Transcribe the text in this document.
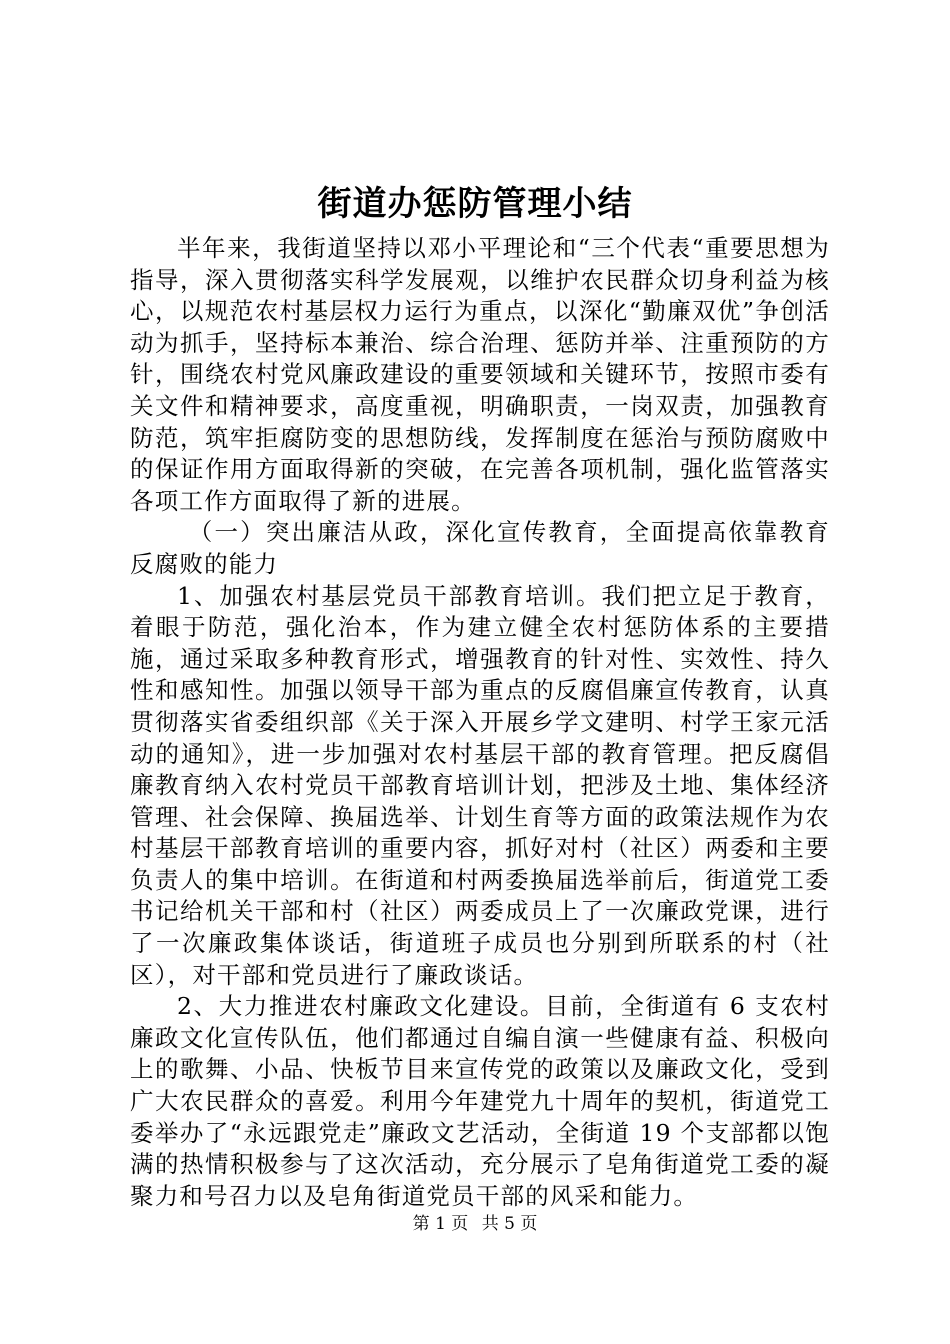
街道办惩防管理小结

半年来，我街道坚持以邓小平理论和“三个代表“重要思想为指导，深入贯彻落实科学发展观，以维护农民群众切身利益为核心，以规范农村基层权力运行为重点，以深化“勤廉双优”争创活动为抓手，坚持标本兼治、综合治理、惩防并举、注重预防的方针，围绕农村党风廉政建设的重要领域和关键环节，按照市委有关文件和精神要求，高度重视，明确职责，一岗双责，加强教育防范，筑牢拒腐防变的思想防线，发挥制度在惩治与预防腐败中的保证作用方面取得新的突破，在完善各项机制，强化监管落实各项工作方面取得了新的进展。

（一）突出廉洁从政，深化宣传教育，全面提高依靠教育反腐败的能力

1、加强农村基层党员干部教育培训。我们把立足于教育，着眼于防范，强化治本，作为建立健全农村惩防体系的主要措施，通过采取多种教育形式，增强教育的针对性、实效性、持久性和感知性。加强以领导干部为重点的反腐倡廉宣传教育，认真贯彻落实省委组织部《关于深入开展乡学文建明、村学王家元活动的通知》，进一步加强对农村基层干部的教育管理。把反腐倡廉教育纳入农村党员干部教育培训计划，把涉及土地、集体经济管理、社会保障、换届选举、计划生育等方面的政策法规作为农村基层干部教育培训的重要内容，抓好对村（社区）两委和主要负责人的集中培训。在街道和村两委换届选举前后，街道党工委书记给机关干部和村（社区）两委成员上了一次廉政党课，进行了一次廉政集体谈话，街道班子成员也分别到所联系的村（社区），对干部和党员进行了廉政谈话。

2、大力推进农村廉政文化建设。目前，全街道有 6 支农村廉政文化宣传队伍，他们都通过自编自演一些健康有益、积极向上的歌舞、小品、快板节目来宣传党的政策以及廉政文化，受到广大农民群众的喜爱。利用今年建党九十周年的契机，街道党工委举办了“永远跟党走”廉政文艺活动，全街道 19 个支部都以饱满的热情积极参与了这次活动，充分展示了皂角街道党工委的凝聚力和号召力以及皂角街道党员干部的风采和能力。

第 1 页 共 5 页
